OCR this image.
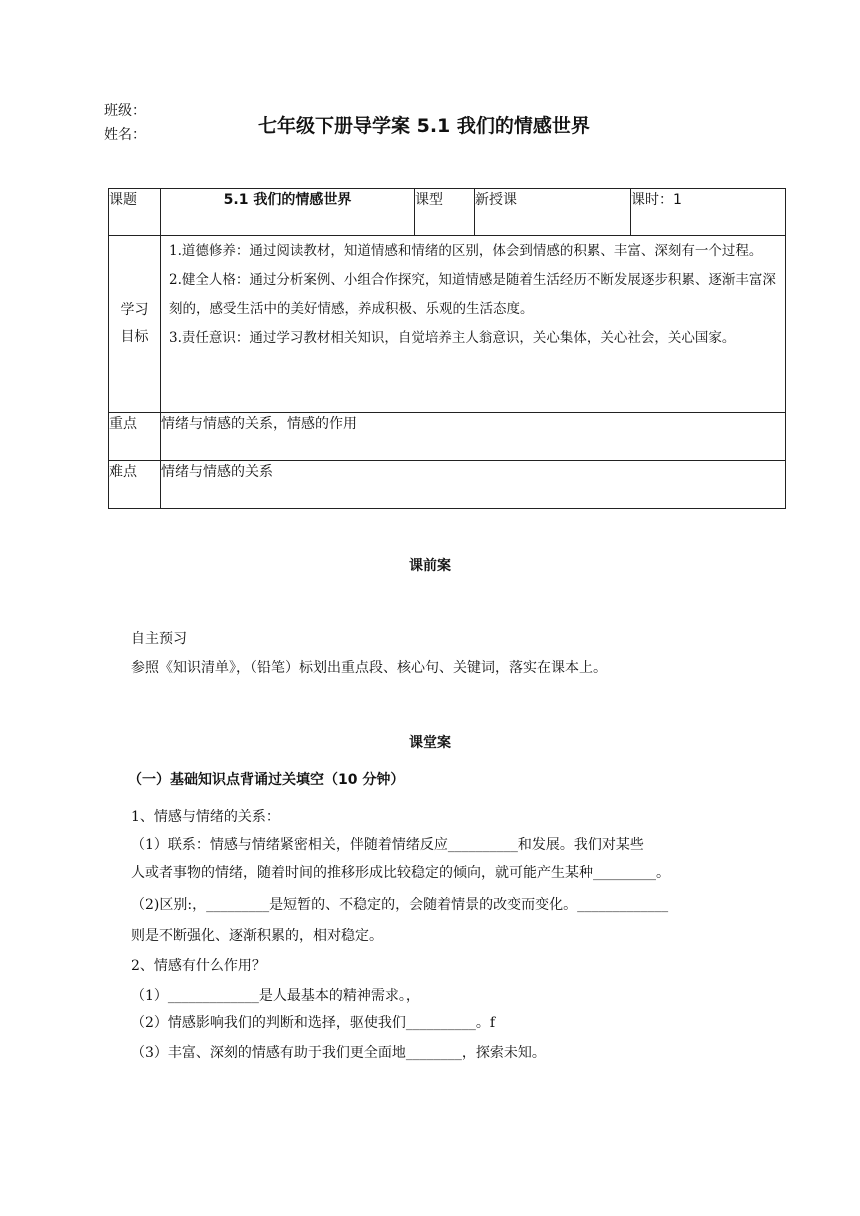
班级：
姓名：	七年级下册导学案 5.1 我们的情感世界
课题	5.1 我们的情感世界	课型	新授课	课时：1

学习目标	1.道德修养：通过阅读教材，知道情感和情绪的区别，体会到情感的积累、丰富、深刻有一个过程。

2.健全人格：通过分析案例、小组合作探究，知道情感是随着生活经历不断发展逐步积累、逐渐丰富深刻的，感受生活中的美好情感，养成积极、乐观的生活态度。

3.责任意识：通过学习教材相关知识，自觉培养主人翁意识，关心集体，关心社会，关心国家。			

重点	情绪与情感的关系，情感的作用			
难点	情绪与情感的关系			
课前案
自主预习
参照《知识清单》，（铅笔）标划出重点段、核心句、关键词，落实在课本上。
课堂案
（一）基础知识点背诵过关填空（10 分钟）
1、情感与情绪的关系：
（1）联系：情感与情绪紧密相关，伴随着情绪反应__________和发展。我们对某些
人或者事物的情绪，随着时间的推移形成比较稳定的倾向，就可能产生某种_________。
（2)区别:，_________是短暂的、不稳定的，会随着情景的改变而变化。_____________
则是不断强化、逐渐积累的，相对稳定。
2、情感有什么作用？
（1）_____________是人最基本的精神需求。，
（2）情感影响我们的判断和选择，驱使我们__________。f
（3）丰富、深刻的情感有助于我们更全面地________，探索未知。
